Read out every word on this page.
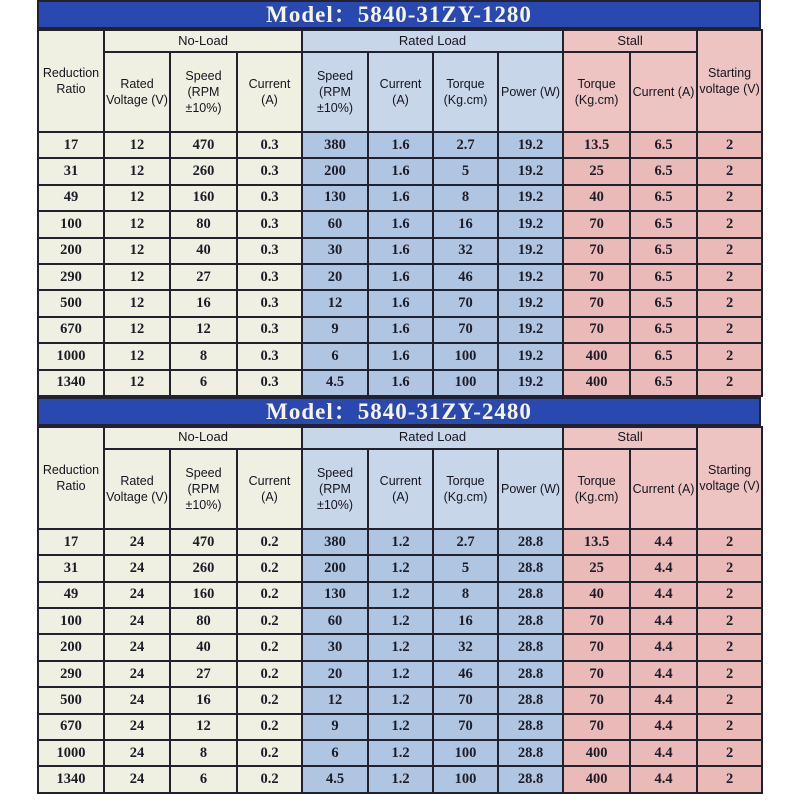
Model：5840-31ZY-1280
Reduction Ratio	No-Load			Rated Load				Stall		Starting voltage (V)
	Rated Voltage (V)	Speed (RPM ±10%)	Current (A)	Speed (RPM ±10%)	Current (A)	Torque (Kg.cm)	Power (W)	Torque (Kg.cm)	Current (A)	
17	12	470	0.3	380	1.6	2.7	19.2	13.5	6.5	2
31	12	260	0.3	200	1.6	5	19.2	25	6.5	2
49	12	160	0.3	130	1.6	8	19.2	40	6.5	2
100	12	80	0.3	60	1.6	16	19.2	70	6.5	2
200	12	40	0.3	30	1.6	32	19.2	70	6.5	2
290	12	27	0.3	20	1.6	46	19.2	70	6.5	2
500	12	16	0.3	12	1.6	70	19.2	70	6.5	2
670	12	12	0.3	9	1.6	70	19.2	70	6.5	2
1000	12	8	0.3	6	1.6	100	19.2	400	6.5	2
1340	12	6	0.3	4.5	1.6	100	19.2	400	6.5	2
Model：5840-31ZY-2480
Reduction Ratio	No-Load			Rated Load				Stall		Starting voltage (V)
	Rated Voltage (V)	Speed (RPM ±10%)	Current (A)	Speed (RPM ±10%)	Current (A)	Torque (Kg.cm)	Power (W)	Torque (Kg.cm)	Current (A)	
17	24	470	0.2	380	1.2	2.7	28.8	13.5	4.4	2
31	24	260	0.2	200	1.2	5	28.8	25	4.4	2
49	24	160	0.2	130	1.2	8	28.8	40	4.4	2
100	24	80	0.2	60	1.2	16	28.8	70	4.4	2
200	24	40	0.2	30	1.2	32	28.8	70	4.4	2
290	24	27	0.2	20	1.2	46	28.8	70	4.4	2
500	24	16	0.2	12	1.2	70	28.8	70	4.4	2
670	24	12	0.2	9	1.2	70	28.8	70	4.4	2
1000	24	8	0.2	6	1.2	100	28.8	400	4.4	2
1340	24	6	0.2	4.5	1.2	100	28.8	400	4.4	2
